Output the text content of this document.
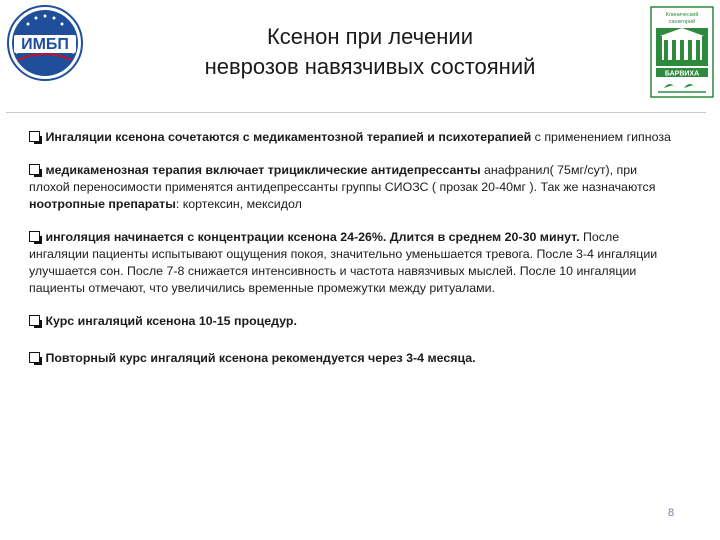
ИМБП	Ксенон при лечении
неврозов навязчивых состояний
Клинический
санаторий
БАРВИХА

Ингаляции ксенона сочетаются с медикаментозной терапией и психотерапией с применением гипноза

медикаменозная терапия включает трициклические антидепрессанты анафранил( 75мг/сут), при плохой переносимости применятся антидепрессанты группы СИОЗС ( прозак 20-40мг ). Так же назначаются ноотропные препараты: кортексин, мексидол

инголяция начинается с концентрации ксенона 24-26%. Длится в среднем 20-30 минут. После ингаляции пациенты испытывают ощущения покоя, значительно уменьшается тревога. После 3-4 ингаляции улучшается сон. После 7-8 снижается интенсивность и частота навязчивых мыслей. После 10 ингаляции пациенты отмечают, что увеличились временные промежутки между ритуалами.

Курс ингаляций ксенона 10-15 процедур.

Повторный курс ингаляций ксенона рекомендуется через 3-4 месяца.

8
